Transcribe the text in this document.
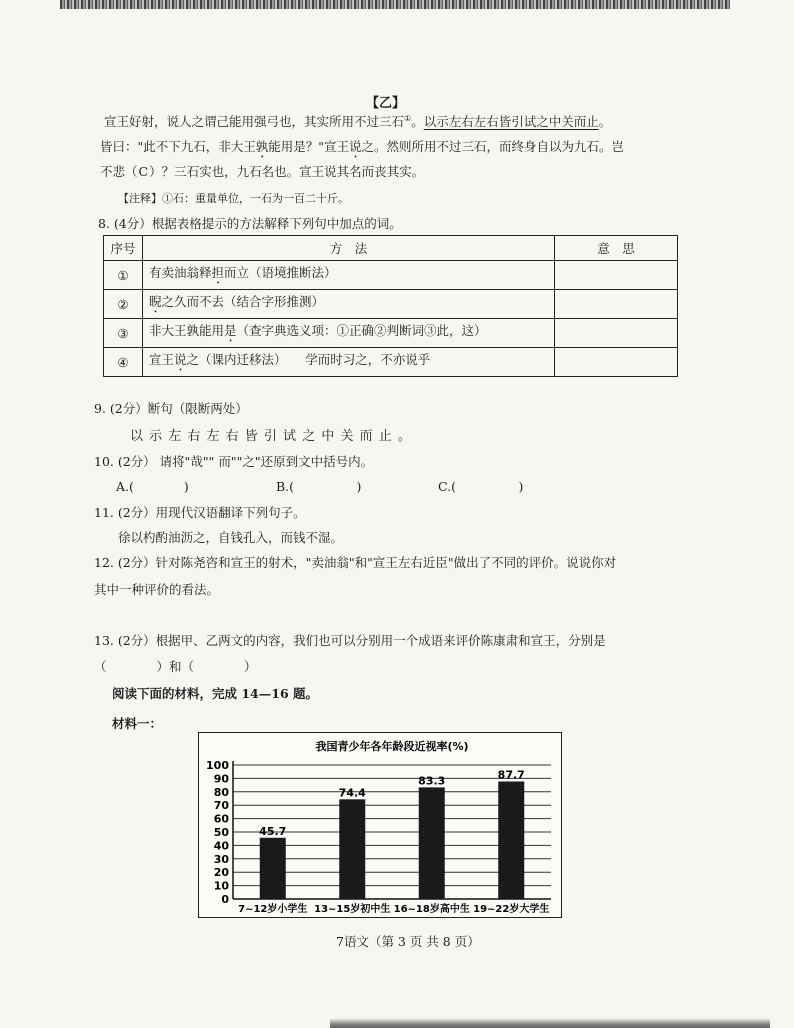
【乙】
宣王好射，说人之谓己能用强弓也，其实所用不过三石①。以示左右左右皆引试之中关而止。
皆曰："此不下九石，非大王孰能用是？"宣王说之。然则所用不过三石，而终身自以为九石。岂
不悲（C）？三石实也，九石名也。宣王说其名而丧其实。
【注释】①石：重量单位，一石为一百二十斤。
8. (4分）根据表格提示的方法解释下列句中加点的词。
序号	方　法	意　思
①	有卖油翁释担而立（语境推断法）	
②	睨之久而不去（结合字形推测）	
③	非大王孰能用是（查字典选义项：①正确②判断词③此，这）	
④	宣王说之（课内迁移法）　　学而时习之，不亦说乎	
9. (2分）断句（限断两处）
以 示 左 右 左 右 皆 引 试 之 中 关 而 止 。
10. (2分） 请将"哉"" 而""之"还原到文中括号内。
A.(　　　　)	B.(　　　　　)	C.(　　　　　)
11. (2分）用现代汉语翻译下列句子。
徐以杓酌油沥之，自钱孔入，而钱不湿。
12. (2分）针对陈尧咨和宣王的射术，"卖油翁"和"宣王左右近臣"做出了不同的评价。说说你对
其中一种评价的看法。
13. (2分）根据甲、乙两文的内容，我们也可以分别用一个成语来评价陈康肃和宣王，分别是
（　　　　）和（　　　　）
阅读下面的材料，完成 14—16 题。
材料一：
我国青少年各年龄段近视率(%)
0
10
20
30
40
50
60
70
80
90
100
45.7
7~12岁小学生
74.4
13~15岁初中生
83.3
16~18岁高中生
87.7
19~22岁大学生
7语文（第 3 页 共 8 页）
